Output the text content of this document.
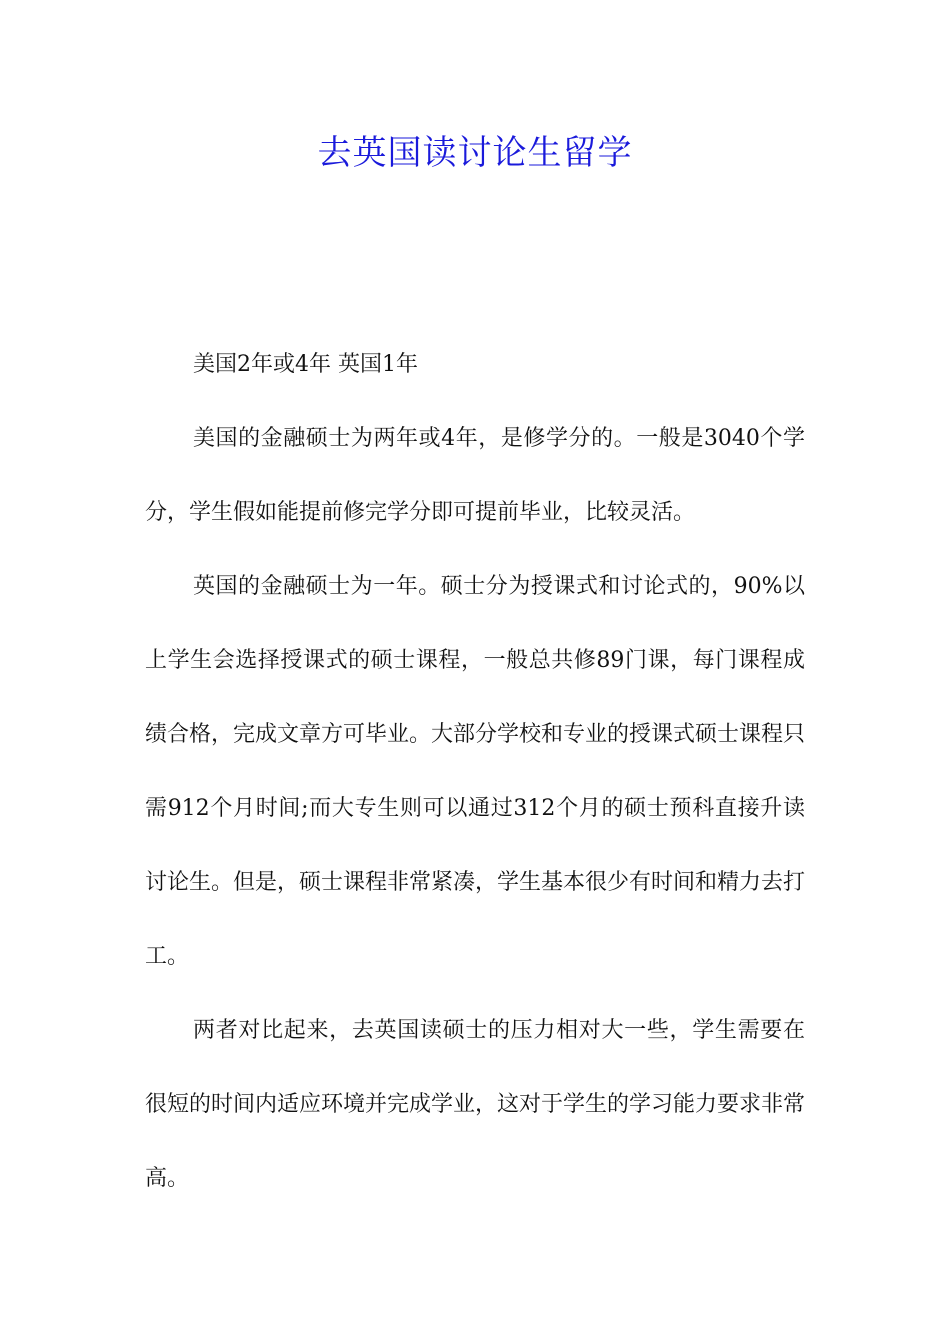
去英国读讨论生留学

美国2年或4年 英国1年

美国的金融硕士为两年或4年，是修学分的。一般是3040个学分，学生假如能提前修完学分即可提前毕业，比较灵活。

英国的金融硕士为一年。硕士分为授课式和讨论式的，90%以上学生会选择授课式的硕士课程，一般总共修89门课，每门课程成绩合格，完成文章方可毕业。大部分学校和专业的授课式硕士课程只需912个月时间;而大专生则可以通过312个月的硕士预科直接升读讨论生。但是，硕士课程非常紧凑，学生基本很少有时间和精力去打工。

两者对比起来，去英国读硕士的压力相对大一些，学生需要在很短的时间内适应环境并完成学业，这对于学生的学习能力要求非常高。
